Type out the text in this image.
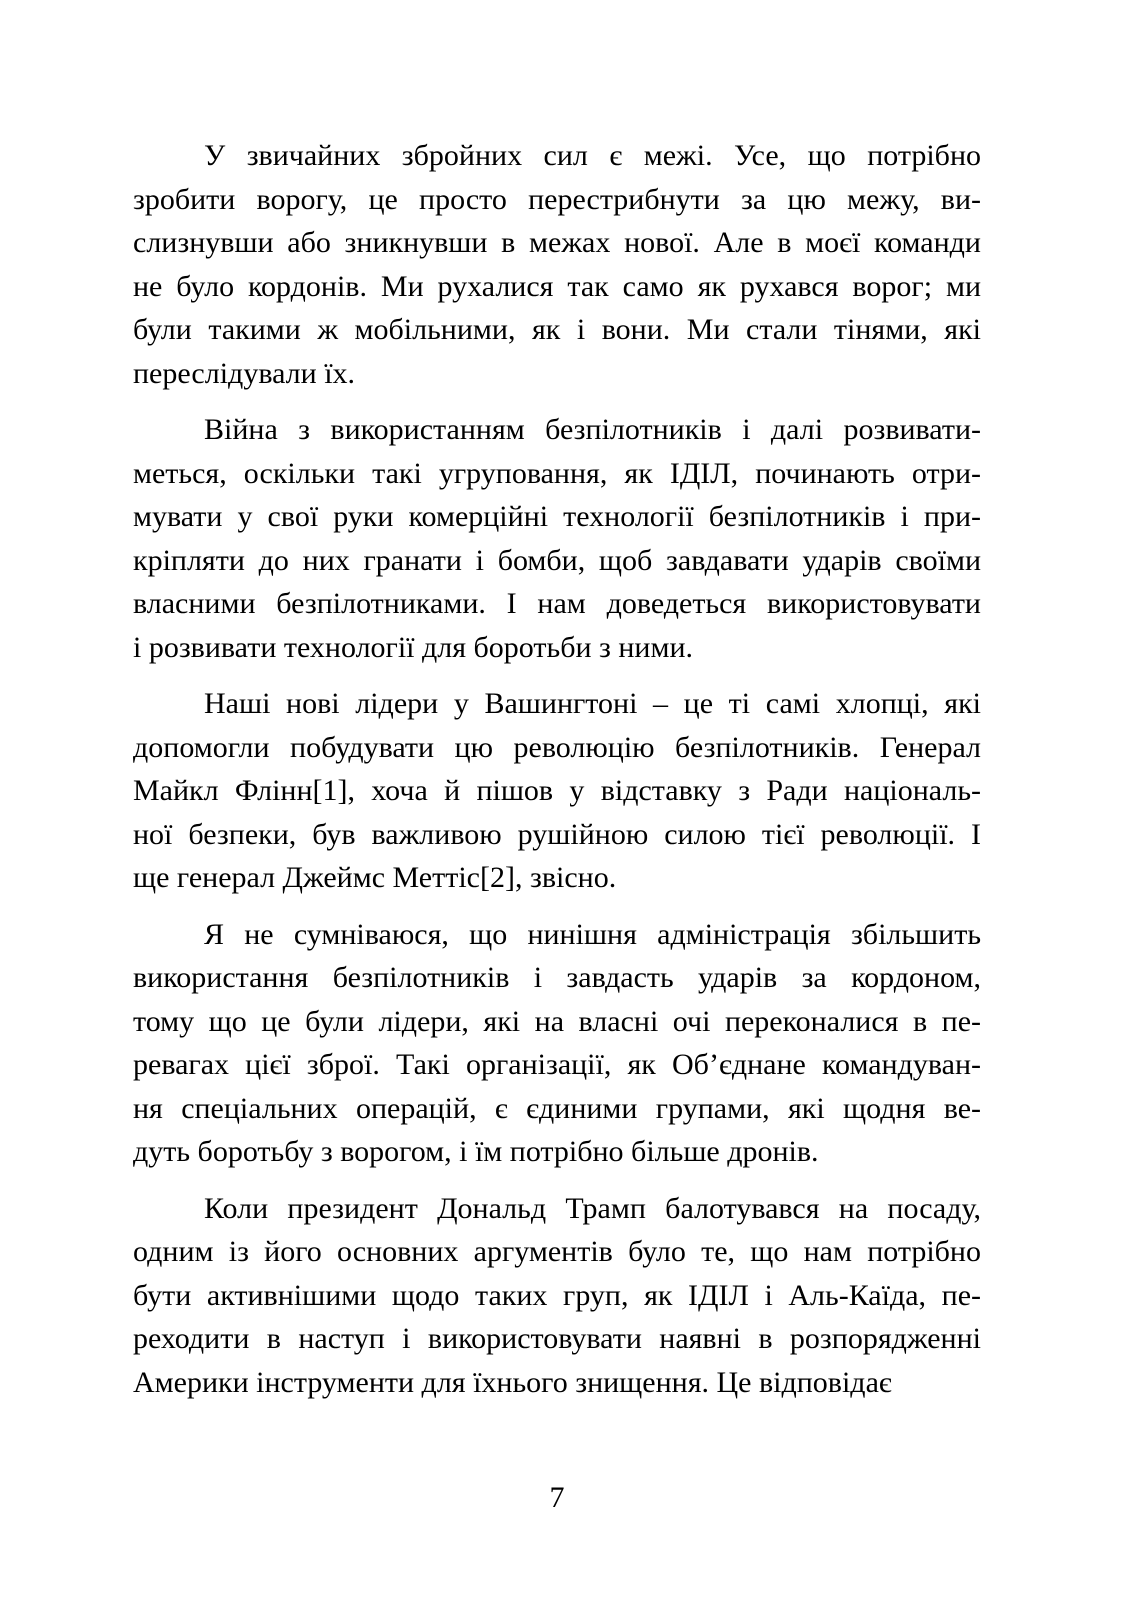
У звичайних збройних сил є межі. Усе, що потрібно
зробити ворогу, це просто перестрибнути за цю межу, ви-
слизнувши або зникнувши в межах нової. Але в моєї команди
не було кордонів. Ми рухалися так само як рухався ворог; ми
були такими ж мобільними, як і вони. Ми стали тінями, які
переслідували їх.

Війна з використанням безпілотників і далі розвивати-
меться, оскільки такі угруповання, як ІДІЛ, починають отри-
мувати у свої руки комерційні технології безпілотників і при-
кріпляти до них гранати і бомби, щоб завдавати ударів своїми
власними безпілотниками. І нам доведеться використовувати
і розвивати технології для боротьби з ними.

Наші нові лідери у Вашингтоні – це ті самі хлопці, які
допомогли побудувати цю революцію безпілотників. Генерал
Майкл Флінн[1], хоча й пішов у відставку з Ради національ-
ної безпеки, був важливою рушійною силою тієї революції. І
ще генерал Джеймс Меттіс[2], звісно.

Я не сумніваюся, що нинішня адміністрація збільшить
використання безпілотників і завдасть ударів за кордоном,
тому що це були лідери, які на власні очі переконалися в пе-
ревагах цієї зброї. Такі організації, як Об’єднане командуван-
ня спеціальних операцій, є єдиними групами, які щодня ве-
дуть боротьбу з ворогом, і їм потрібно більше дронів.

Коли президент Дональд Трамп балотувався на посаду,
одним із його основних аргументів було те, що нам потрібно
бути активнішими щодо таких груп, як ІДІЛ і Аль-Каїда, пе-
реходити в наступ і використовувати наявні в розпорядженні
Америки інструменти для їхнього знищення. Це відповідає

7
